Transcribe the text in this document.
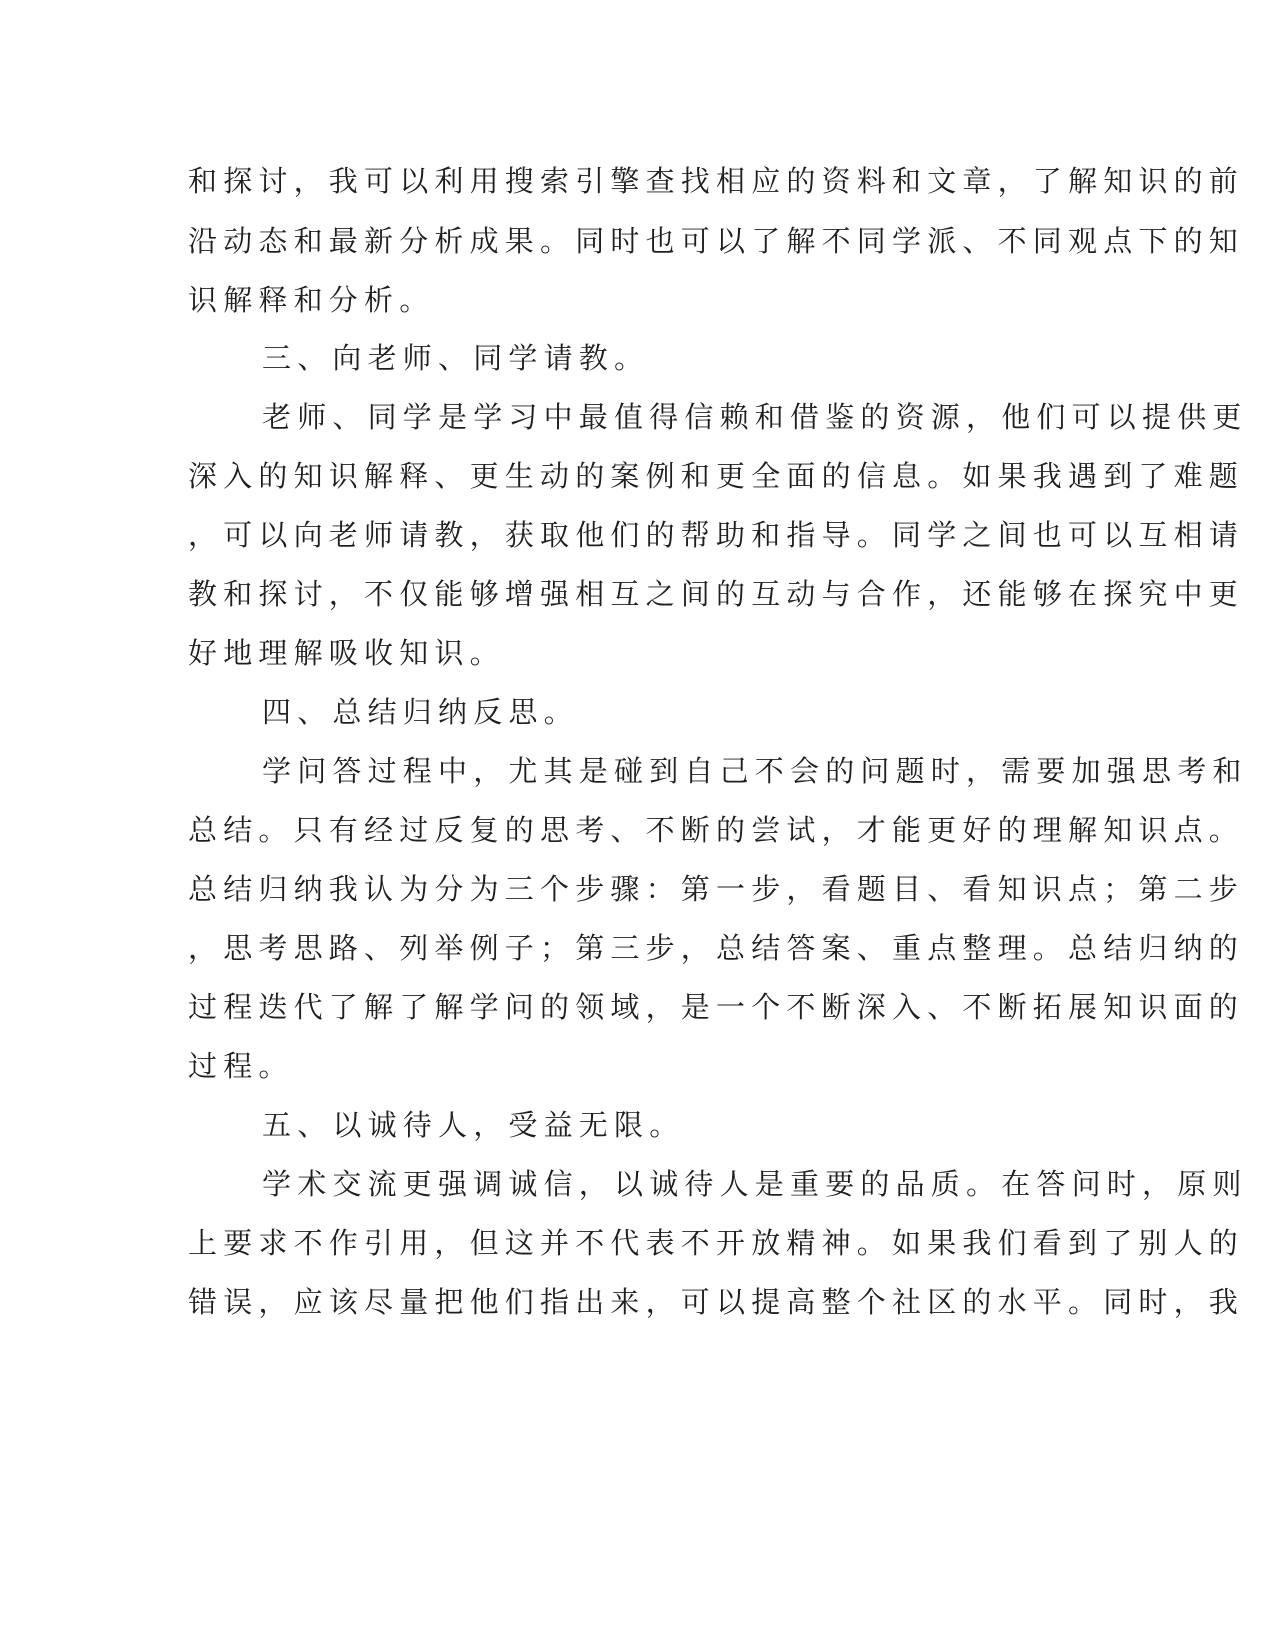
和探讨，我可以利用搜索引擎查找相应的资料和文章，了解知识的前
沿动态和最新分析成果。同时也可以了解不同学派、不同观点下的知
识解释和分析。
三、向老师、同学请教。
老师、同学是学习中最值得信赖和借鉴的资源，他们可以提供更
深入的知识解释、更生动的案例和更全面的信息。如果我遇到了难题
，可以向老师请教，获取他们的帮助和指导。同学之间也可以互相请
教和探讨，不仅能够增强相互之间的互动与合作，还能够在探究中更
好地理解吸收知识。
四、总结归纳反思。
学问答过程中，尤其是碰到自己不会的问题时，需要加强思考和
总结。只有经过反复的思考、不断的尝试，才能更好的理解知识点。
总结归纳我认为分为三个步骤：第一步，看题目、看知识点；第二步
，思考思路、列举例子；第三步，总结答案、重点整理。总结归纳的
过程迭代了解了解学问的领域，是一个不断深入、不断拓展知识面的
过程。
五、以诚待人，受益无限。
学术交流更强调诚信，以诚待人是重要的品质。在答问时，原则
上要求不作引用，但这并不代表不开放精神。如果我们看到了别人的
错误，应该尽量把他们指出来，可以提高整个社区的水平。同时，我
